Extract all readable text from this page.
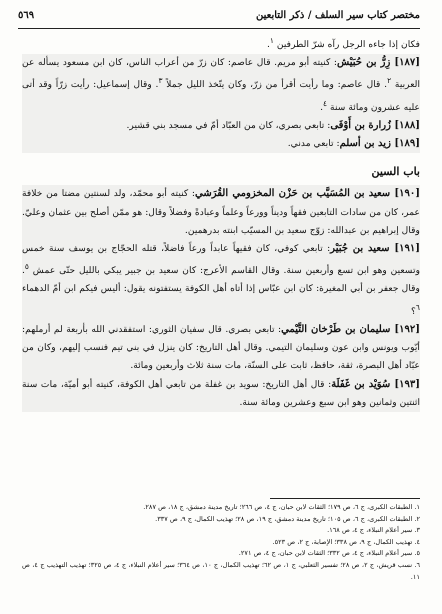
مختصر كتاب سير السلف / ذكر التابعين
٥٦٩

فكان إذا جاءه الرجل رآه شرّ الطرفين $^١$.

[١٨٧] زِرُّ بن حُبَيْش: كنيته أبو مريم. قال عاصم: كان زرّ من أعراب الناس، كان ابن مسعود يسأله عن العربية $^٢$. قال عاصم: وما رأيت أقرأ من زرّ، وكان يتّخذ الليل جملاً $^٣$. وقال إسماعيل: رأيت زرّاً وقد أتى عليه عشرون ومائة سنة $^٤$.

[١٨٨] زُرارة بن أَوْفَى: تابعي بصري، كان من العبّاد أمّ في مسجد بني قشير.

[١٨٩] زيد بن أسلم: تابعي مدني.

باب السين

[١٩٠] سعيد بن المُسَيَّب بن حَزْن المخزومي القُرَشي: كنيته أبو محمّد، ولد لسنتين مضتا من خلافة عمر، كان من سادات التابعين فقهاً وديناً وورعاً وعلماً وعبادةً وفضلاً وقال: هو ممّن أصلح بين عثمان وعليّ. وقال إبراهيم بن عبدالله: زوّج سعيد بن المسيّب ابنته بدرهمين.

[١٩١] سعيد بن جُبَيْر: تابعي كوفي، كان فقيهاً عابداً ورعاً فاضلاً، قتله الحجّاج بن يوسف سنة خمس وتسعين وهو ابن تسع وأربعين سنة. وقال القاسم الأعرج: كان سعيد بن جبير يبكي بالليل حتّى عمش $^٥$. وقال جعفر بن أبي المغيرة: كان ابن عبّاس إذا أتاه أهل الكوفة يستفتونه يقول: أليس فيكم ابن أمّ الدهماء $^٦$؟

[١٩٢] سليمان بن طَرْخان التَّيْمي: تابعي بصري. قال سفيان الثوري: استفقدني الله بأربعة لم أرملهم: أيّوب ويونس وابن عون وسليمان التيمي. وقال أهل التاريخ: كان ينزل في بني تيم فنسب إليهم، وكان من عبّاد أهل البصرة، ثقة، حافظ، ثابت على السنّة، مات سنة ثلاث وأربعين ومائة.

[١٩٣] سُوَيْد بن غَفَلَة: قال أهل التاريخ: سويد بن غفلة من تابعي أهل الكوفة، كنيته أبو أميّة، مات سنة اثنتين وثمانين وهو ابن سبع وعشرين ومائة سنة.

١. الطبقات الكبرى، ج ٦، ص ١٧٩؛ الثقات لابن حبان، ج ٤، ص ٢٦٦؛ تاريخ مدينة دمشق، ج ١٨، ص ٢٨٧.

٢. الطبقات الكبرى، ج ٦، ص ١٠٥؛ تاريخ مدينة دمشق، ج ١٩، ص ٢٨؛ تهذيب الكمال، ج ٩، ص ٣٣٧.

٣. سير أعلام النبلاء، ج ٤، ص ١٦٨.

٤. تهذيب الكمال، ج ٩، ص ٣٣٨؛ الإصابة، ج ٢، ص ٥٢٣.

٥. سير أعلام النبلاء، ج ٤، ص ٣٣٢؛ الثقات لابن حبان، ج ٤، ص ٢٧١.

٦. نسب قريش، ج ٢، ص ٢٨؛ تفسير الثعلبي، ج ١، ص ٦٢؛ تهذيب الكمال، ج ١٠، ص ٣٦٤؛ سير أعلام النبلاء، ج ٤، ص ٣٢٥؛ تهذيب التهذيب ج ٤، ص ١١.
